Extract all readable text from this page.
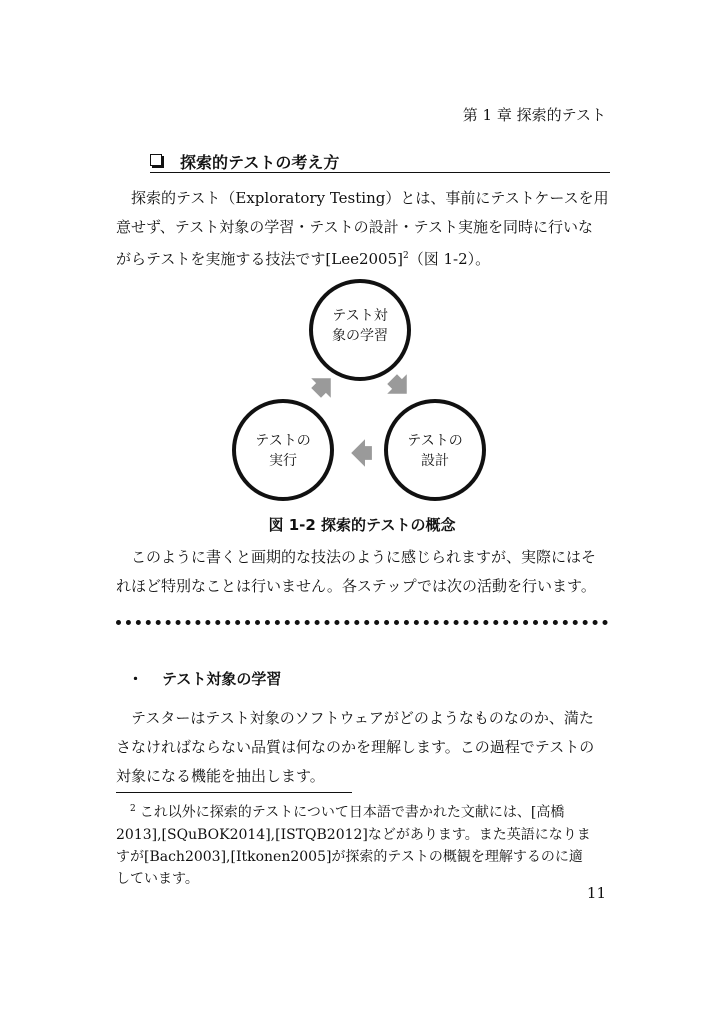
第 1 章 探索的テスト
探索的テストの考え方
探索的テスト（Exploratory Testing）とは、事前にテストケースを用
意せず、テスト対象の学習・テストの設計・テスト実施を同時に行いな
がらテストを実施する技法です$[Lee2005]^2$（図 1-2）。
テスト対
象の学習
テストの
設計
テストの
実行
図 1-2 探索的テストの概念
このように書くと画期的な技法のように感じられますが、実際にはそ
れほど特別なことは行いません。各ステップでは次の活動を行います。
・ テスト対象の学習
テスターはテスト対象のソフトウェアがどのようなものなのか、満た
さなければならない品質は何なのかを理解します。この過程でテストの
対象になる機能を抽出します。
$^2$ これ以外に探索的テストについて日本語で書かれた文献には、[高橋
2013],[SQuBOK2014],[ISTQB2012]などがあります。また英語になりま
すが[Bach2003],[Itkonen2005]が探索的テストの概観を理解するのに適
しています。
11
